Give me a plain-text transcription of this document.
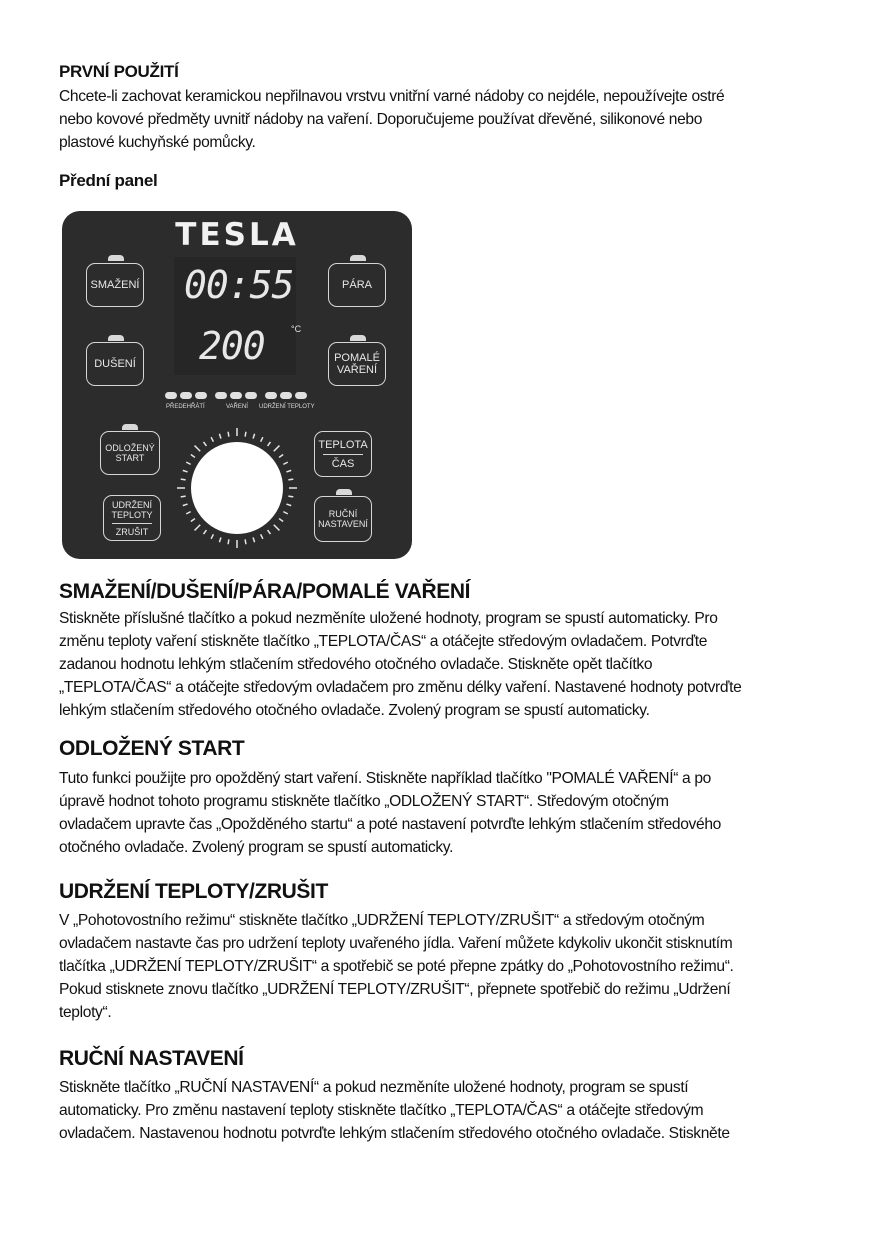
PRVNÍ POUŽITÍ
Chcete-li zachovat keramickou nepřilnavou vrstvu vnitřní varné nádoby co nejdéle, nepoužívejte ostré
nebo kovové předměty uvnitř nádoby na vaření. Doporučujeme používat dřevěné, silikonové nebo
plastové kuchyňské pomůcky.
Přední panel
TESLA
00:55
200	°C
SMAŽENÍ	PÁRA
DUŠENÍ	POMALÉ
VAŘENÍ
PŘEDEHŘÁTÍ	VAŘENÍ UDRŽENÍ TEPLOTY
ODLOŽENÝ
START
TEPLOTA
ČAS
UDRŽENÍ
TEPLOTY
ZRUŠIT
RUČNÍ
NASTAVENÍ
SMAŽENÍ/DUŠENÍ/PÁRA/POMALÉ VAŘENÍ
Stiskněte příslušné tlačítko a pokud nezměníte uložené hodnoty, program se spustí automaticky. Pro
změnu teploty vaření stiskněte tlačítko „TEPLOTA/ČAS“ a otáčejte středovým ovladačem. Potvrďte
zadanou hodnotu lehkým stlačením středového otočného ovladače. Stiskněte opět tlačítko
„TEPLOTA/ČAS“ a otáčejte středovým ovladačem pro změnu délky vaření. Nastavené hodnoty potvrďte
lehkým stlačením středového otočného ovladače. Zvolený program se spustí automaticky.
ODLOŽENÝ START
Tuto funkci použijte pro opožděný start vaření. Stiskněte například tlačítko "POMALÉ VAŘENÍ“ a po
úpravě hodnot tohoto programu stiskněte tlačítko „ODLOŽENÝ START“. Středovým otočným
ovladačem upravte čas „Opožděného startu“ a poté nastavení potvrďte lehkým stlačením středového
otočného ovladače. Zvolený program se spustí automaticky.
UDRŽENÍ TEPLOTY/ZRUŠIT
V „Pohotovostního režimu“ stiskněte tlačítko „UDRŽENÍ TEPLOTY/ZRUŠIT“ a středovým otočným
ovladačem nastavte čas pro udržení teploty uvařeného jídla. Vaření můžete kdykoliv ukončit stisknutím
tlačítka „UDRŽENÍ TEPLOTY/ZRUŠIT“ a spotřebič se poté přepne zpátky do „Pohotovostního režimu“.
Pokud stisknete znovu tlačítko „UDRŽENÍ TEPLOTY/ZRUŠIT“, přepnete spotřebič do režimu „Udržení
teploty“.
RUČNÍ NASTAVENÍ
Stiskněte tlačítko „RUČNÍ NASTAVENÍ“ a pokud nezměníte uložené hodnoty, program se spustí
automaticky. Pro změnu nastavení teploty stiskněte tlačítko „TEPLOTA/ČAS“ a otáčejte středovým
ovladačem. Nastavenou hodnotu potvrďte lehkým stlačením středového otočného ovladače. Stiskněte
